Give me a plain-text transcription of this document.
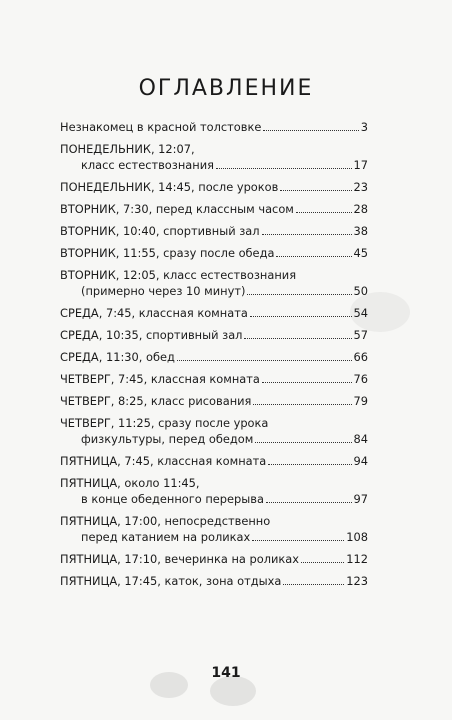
ОГЛАВЛЕНИЕ
Незнакомец в красной толстовке	3
ПОНЕДЕЛЬНИК, 12:07,
класс естествознания	17
ПОНЕДЕЛЬНИК, 14:45, после уроков	23
ВТОРНИК, 7:30, перед классным часом	28
ВТОРНИК, 10:40, спортивный зал	38
ВТОРНИК, 11:55, сразу после обеда	45
ВТОРНИК, 12:05, класс естествознания
(примерно через 10 минут)	50
СРЕДА, 7:45, классная комната	54
СРЕДА, 10:35, спортивный зал	57
СРЕДА, 11:30, обед	66
ЧЕТВЕРГ, 7:45, классная комната	76
ЧЕТВЕРГ, 8:25, класс рисования	79
ЧЕТВЕРГ, 11:25, сразу после урока
физкультуры, перед обедом	84
ПЯТНИЦА, 7:45, классная комната	94
ПЯТНИЦА, около 11:45,
в конце обеденного перерыва	97
ПЯТНИЦА, 17:00, непосредственно
перед катанием на роликах	108
ПЯТНИЦА, 17:10, вечеринка на роликах	112
ПЯТНИЦА, 17:45, каток, зона отдыха	123
141
